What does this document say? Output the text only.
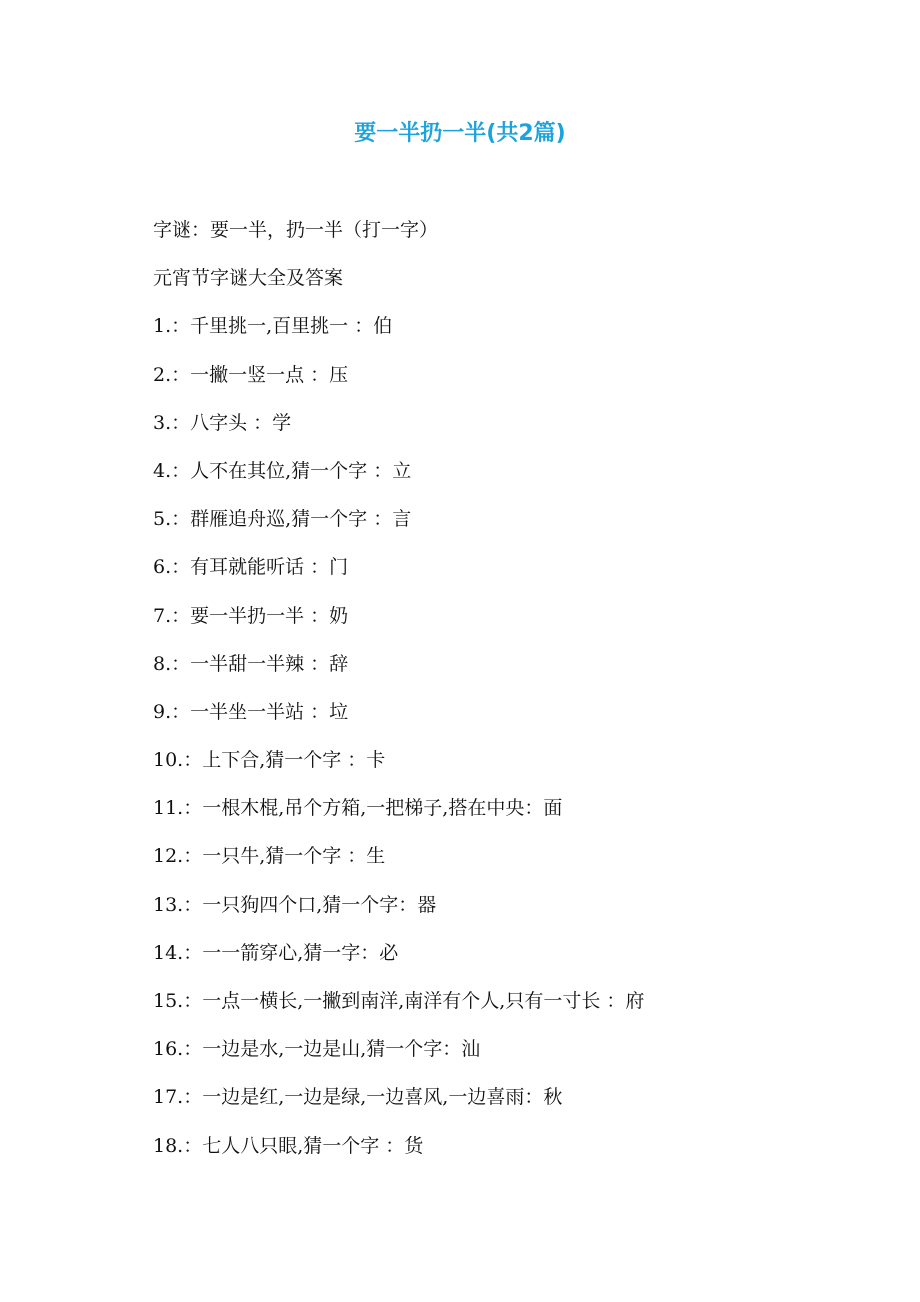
要一半扔一半(共2篇)
字谜：要一半，扔一半（打一字）
元宵节字谜大全及答案
1.：千里挑一,百里挑一 ：伯
2.：一撇一竖一点 ：压
3.：八字头 ：学
4.：人不在其位,猜一个字 ：立
5.：群雁追舟巡,猜一个字 ：言
6.：有耳就能听话 ：门
7.：要一半扔一半 ：奶
8.：一半甜一半辣 ：辞
9.：一半坐一半站 ：垃
10.：上下合,猜一个字 ：卡
11.：一根木棍,吊个方箱,一把梯子,搭在中央：面
12.：一只牛,猜一个字 ：生
13.：一只狗四个口,猜一个字：器
14.：一一箭穿心,猜一字：必
15.：一点一横长,一撇到南洋,南洋有个人,只有一寸长 ：府
16.：一边是水,一边是山,猜一个字：汕
17.：一边是红,一边是绿,一边喜风,一边喜雨：秋
18.：七人八只眼,猜一个字 ：货
